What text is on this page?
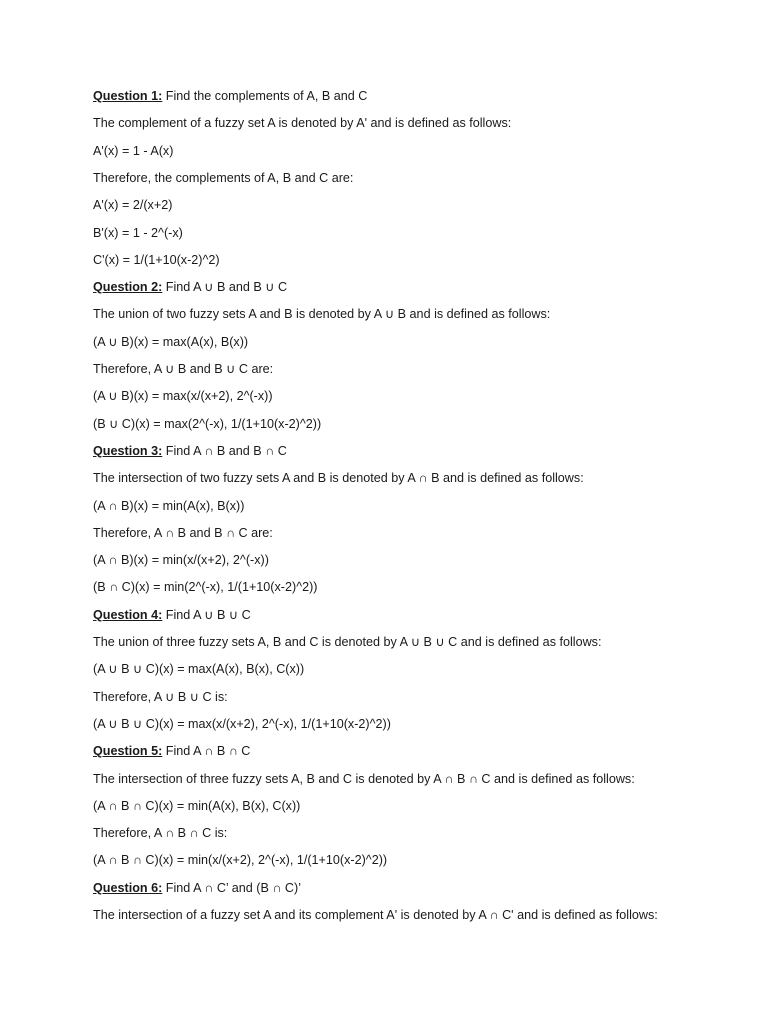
Question 1: Find the complements of A, B and C
The complement of a fuzzy set A is denoted by A' and is defined as follows:
A'(x) = 1 - A(x)
Therefore, the complements of A, B and C are:
A'(x) = 2/(x+2)
B'(x) = 1 - 2^(-x)
C'(x) = 1/(1+10(x-2)^2)
Question 2: Find A ∪ B and B ∪ C
The union of two fuzzy sets A and B is denoted by A ∪ B and is defined as follows:
(A ∪ B)(x) = max(A(x), B(x))
Therefore, A ∪ B and B ∪ C are:
(A ∪ B)(x) = max(x/(x+2), 2^(-x))
(B ∪ C)(x) = max(2^(-x), 1/(1+10(x-2)^2))
Question 3: Find A ∩ B and B ∩ C
The intersection of two fuzzy sets A and B is denoted by A ∩ B and is defined as follows:
(A ∩ B)(x) = min(A(x), B(x))
Therefore, A ∩ B and B ∩ C are:
(A ∩ B)(x) = min(x/(x+2), 2^(-x))
(B ∩ C)(x) = min(2^(-x), 1/(1+10(x-2)^2))
Question 4: Find A ∪ B ∪ C
The union of three fuzzy sets A, B and C is denoted by A ∪ B ∪ C and is defined as follows:
(A ∪ B ∪ C)(x) = max(A(x), B(x), C(x))
Therefore, A ∪ B ∪ C is:
(A ∪ B ∪ C)(x) = max(x/(x+2), 2^(-x), 1/(1+10(x-2)^2))
Question 5: Find A ∩ B ∩ C
The intersection of three fuzzy sets A, B and C is denoted by A ∩ B ∩ C and is defined as follows:
(A ∩ B ∩ C)(x) = min(A(x), B(x), C(x))
Therefore, A ∩ B ∩ C is:
(A ∩ B ∩ C)(x) = min(x/(x+2), 2^(-x), 1/(1+10(x-2)^2))
Question 6: Find A ∩ C’ and (B ∩ C)’
The intersection of a fuzzy set A and its complement A' is denoted by A ∩ C' and is defined as follows:
